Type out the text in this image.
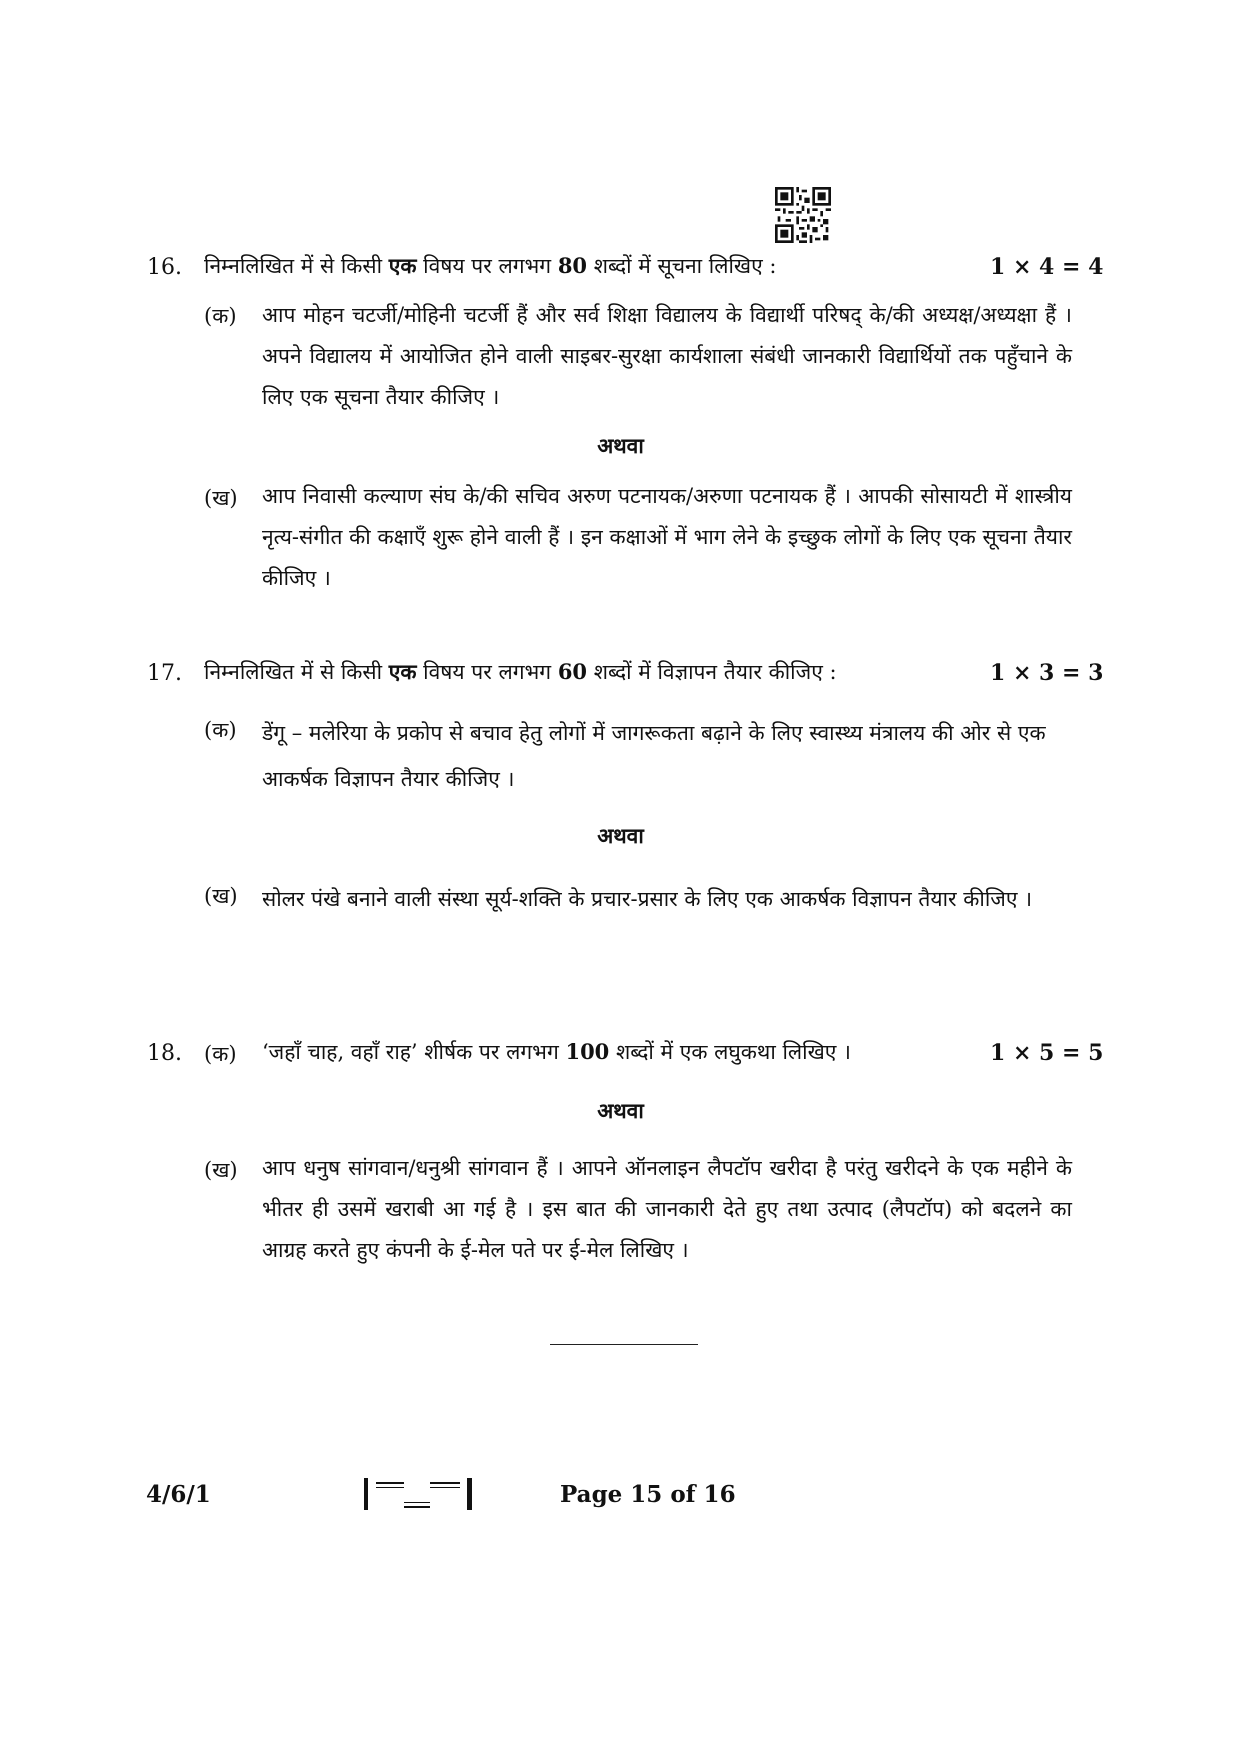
16. निम्नलिखित में से किसी एक विषय पर लगभग 80 शब्दों में सूचना लिखिए :	1 × 4 = 4
(क) आप मोहन चटर्जी/मोहिनी चटर्जी हैं और सर्व शिक्षा विद्यालय के विद्यार्थी परिषद् के/की अध्यक्ष/अध्यक्षा हैं । अपने विद्यालय में आयोजित होने वाली साइबर-सुरक्षा कार्यशाला संबंधी जानकारी विद्यार्थियों तक पहुँचाने के लिए एक सूचना तैयार कीजिए ।
अथवा
(ख) आप निवासी कल्याण संघ के/की सचिव अरुण पटनायक/अरुणा पटनायक हैं । आपकी सोसायटी में शास्त्रीय नृत्य-संगीत की कक्षाएँ शुरू होने वाली हैं । इन कक्षाओं में भाग लेने के इच्छुक लोगों के लिए एक सूचना तैयार कीजिए ।
17. निम्नलिखित में से किसी एक विषय पर लगभग 60 शब्दों में विज्ञापन तैयार कीजिए :	1 × 3 = 3
(क) डेंगू – मलेरिया के प्रकोप से बचाव हेतु लोगों में जागरूकता बढ़ाने के लिए स्वास्थ्य मंत्रालय की ओर से एक आकर्षक विज्ञापन तैयार कीजिए ।
अथवा
(ख) सोलर पंखे बनाने वाली संस्था सूर्य-शक्ति के प्रचार-प्रसार के लिए एक आकर्षक विज्ञापन तैयार कीजिए ।
18. (क) ‘जहाँ चाह, वहाँ राह’ शीर्षक पर लगभग 100 शब्दों में एक लघुकथा लिखिए ।	1 × 5 = 5
अथवा
(ख) आप धनुष सांगवान/धनुश्री सांगवान हैं । आपने ऑनलाइन लैपटॉप खरीदा है परंतु खरीदने के एक महीने के भीतर ही उसमें खराबी आ गई है । इस बात की जानकारी देते हुए तथा उत्पाद (लैपटॉप) को बदलने का आग्रह करते हुए कंपनी के ई-मेल पते पर ई-मेल लिखिए ।
4/6/1	Page 15 of 16
